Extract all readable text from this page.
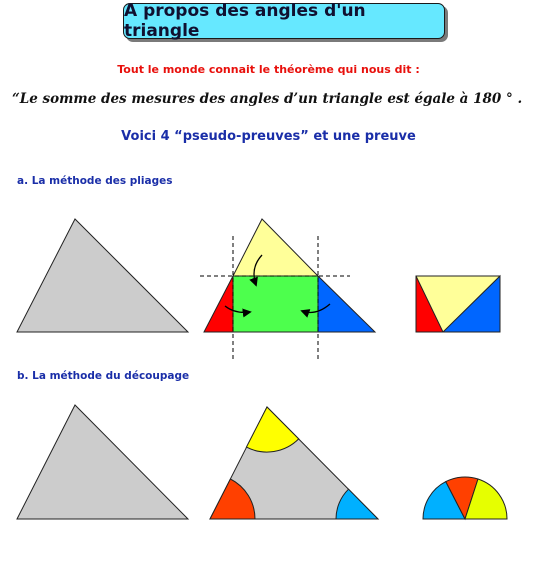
A propos des angles d'un triangle
Tout le monde connait le théorème qui nous dit :
“Le somme des mesures des angles d’un triangle est égale à 180 ° .
Voici 4 “pseudo-preuves” et une preuve
a. La méthode des pliages
b. La méthode du découpage
